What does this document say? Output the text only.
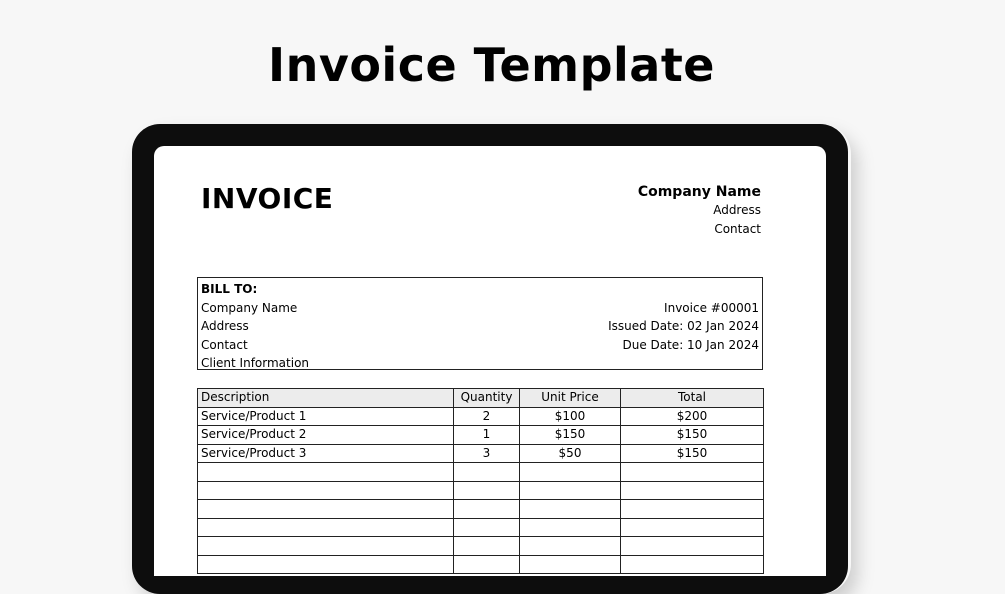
Invoice Template
INVOICE	Company Name
Address
Contact
BILL TO:
Company Name
Address
Contact
Client Information
Invoice #00001
Issued Date: 02 Jan 2024
Due Date: 10 Jan 2024
Description	Quantity	Unit Price	Total
Service/Product 1	2	$100	$200
Service/Product 2	1	$150	$150
Service/Product 3	3	$50	$150
